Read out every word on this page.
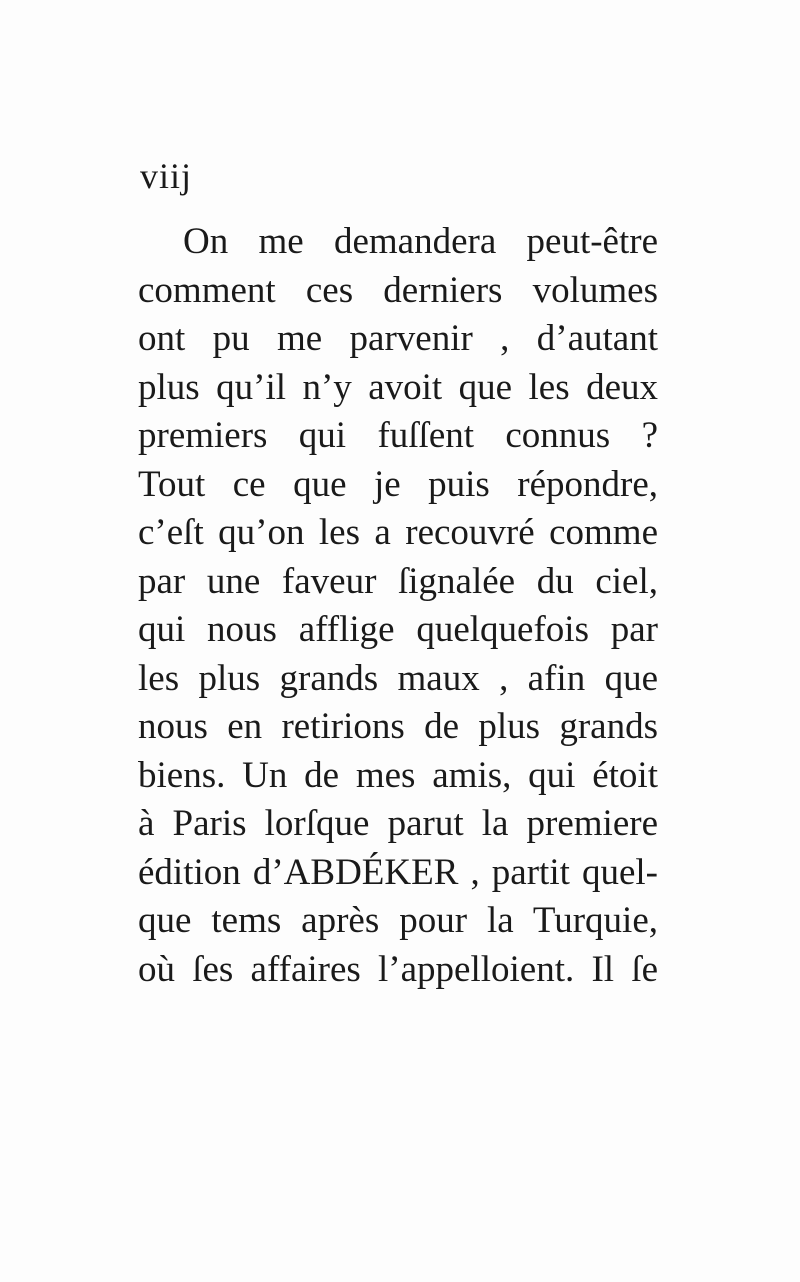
viij
On me demandera peut-être
comment ces derniers volumes
ont pu me parvenir , d’autant
plus qu’il n’y avoit que les deux
premiers qui fuſſent connus ?
Tout ce que je puis répondre,
c’eſt qu’on les a recouvré comme
par une faveur ſignalée du ciel,
qui nous afflige quelquefois par
les plus grands maux , afin que
nous en retirions de plus grands
biens. Un de mes amis, qui étoit
à Paris lorſque parut la premiere
édition d’ABDÉKER , partit quel-
que tems après pour la Turquie,
où ſes affaires l’appelloient. Il ſe
